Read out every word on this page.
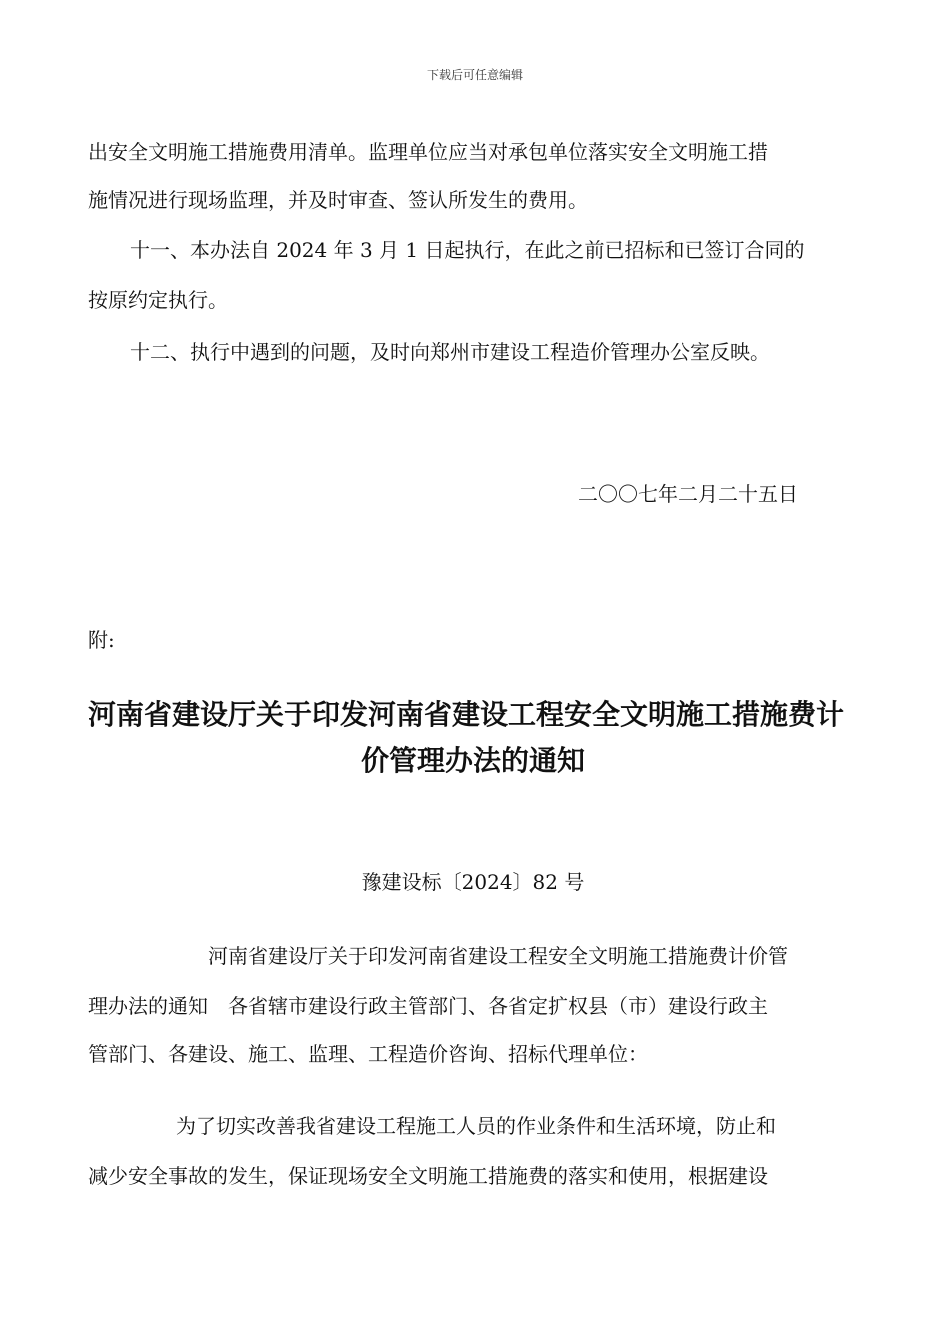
下载后可任意编辑
出安全文明施工措施费用清单。监理单位应当对承包单位落实安全文明施工措
施情况进行现场监理，并及时审查、签认所发生的费用。
十一、本办法自 2024 年 3 月 1 日起执行，在此之前已招标和已签订合同的
按原约定执行。
十二、执行中遇到的问题，及时向郑州市建设工程造价管理办公室反映。
二〇〇七年二月二十五日
附:
河南省建设厅关于印发河南省建设工程安全文明施工措施费计
价管理办法的通知
豫建设标〔2024〕82 号
河南省建设厅关于印发河南省建设工程安全文明施工措施费计价管
理办法的通知　各省辖市建设行政主管部门、各省定扩权县（市）建设行政主
管部门、各建设、施工、监理、工程造价咨询、招标代理单位：
为了切实改善我省建设工程施工人员的作业条件和生活环境，防止和
减少安全事故的发生，保证现场安全文明施工措施费的落实和使用，根据建设
